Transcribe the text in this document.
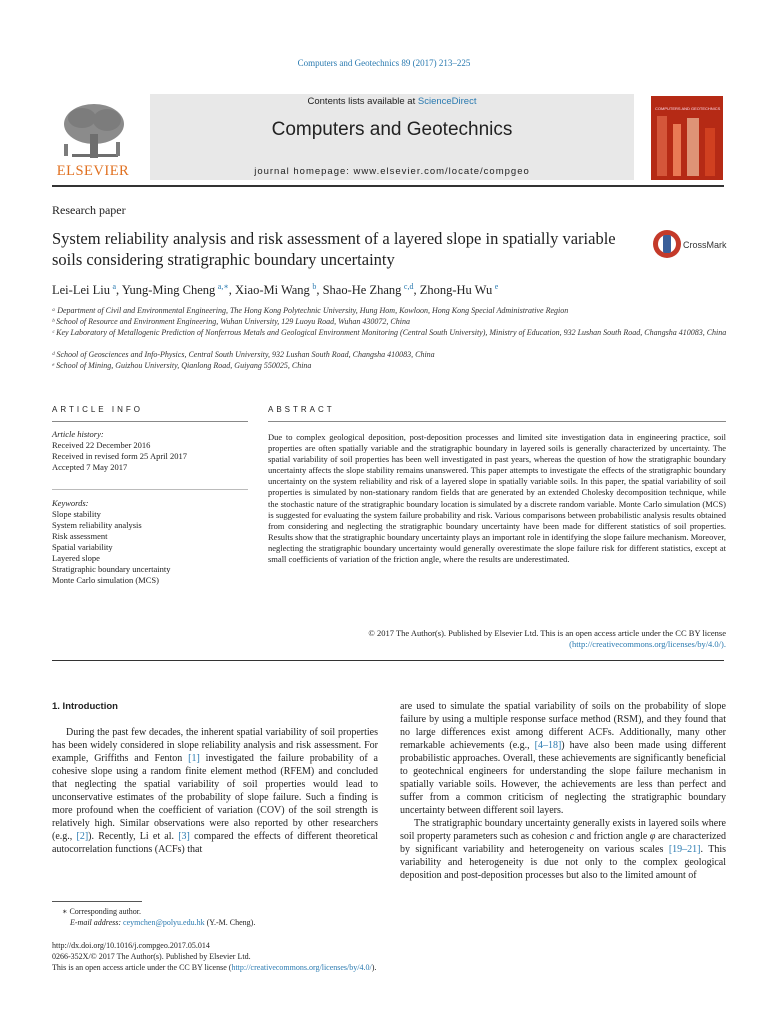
Computers and Geotechnics 89 (2017) 213–225
ELSEVIER
Contents lists available at ScienceDirect
Computers and Geotechnics
journal homepage: www.elsevier.com/locate/compgeo
COMPUTERS AND GEOTECHNICS
Research paper
System reliability analysis and risk assessment of a layered slope in spatially variable soils considering stratigraphic boundary uncertainty
CrossMark
Lei-Lei Liu  $^a$, Yung-Ming Cheng  $^{a,∗}$, Xiao-Mi Wang  $^b$, Shao-He Zhang  $^{c,d}$, Zhong-Hu Wu  $^e$
ᵃ Department of Civil and Environmental Engineering, The Hong Kong Polytechnic University, Hung Hom, Kowloon, Hong Kong Special Administrative Region
ᵇ School of Resource and Environment Engineering, Wuhan University, 129 Luoyu Road, Wuhan 430072, China
ᶜ Key Laboratory of Metallogenic Prediction of Nonferrous Metals and Geological Environment Monitoring (Central South University), Ministry of Education, 932 Lushan South Road, Changsha 410083, China
ᵈ School of Geosciences and Info-Physics, Central South University, 932 Lushan South Road, Changsha 410083, China
ᵉ School of Mining, Guizhou University, Qianlong Road, Guiyang 550025, China
ARTICLE INFO	ABSTRACT
Article history:
Received 22 December 2016
Received in revised form 25 April 2017
Accepted 7 May 2017
Keywords:
Slope stability
System reliability analysis
Risk assessment
Spatial variability
Layered slope
Stratigraphic boundary uncertainty
Monte Carlo simulation (MCS)
Due to complex geological deposition, post-deposition processes and limited site investigation data in engineering practice, soil properties are often spatially variable and the stratigraphic boundary in layered soils is generally characterized by uncertainty. The spatial variability of soil properties has been well investigated in past years, whereas the question of how the stratigraphic boundary uncertainty affects the slope stability remains unanswered. This paper attempts to investigate the effects of the stratigraphic boundary uncertainty on the system reliability and risk of a layered slope in spatially variable soils. In this paper, the spatial variability of soil properties is simulated by non-stationary random fields that are generated by an extended Cholesky decomposition technique, while the stochastic nature of the stratigraphic boundary location is simulated by a discrete random variable. Monte Carlo simulation (MCS) is suggested for evaluating the system failure probability and risk. Various comparisons between probabilistic analysis results obtained from considering and neglecting the stratigraphic boundary uncertainty have been made for different statistics of soil properties. Results show that the stratigraphic boundary uncertainty plays an important role in identifying the slope failure mechanism. Moreover, neglecting the stratigraphic boundary uncertainty would generally overestimate the slope failure risk for different statistics, except at small coefficients of variation of the friction angle, where the results are underestimated.
© 2017 The Author(s). Published by Elsevier Ltd. This is an open access article under the CC BY license
(http://creativecommons.org/licenses/by/4.0/).
1. Introduction
During the past few decades, the inherent spatial variability of soil properties has been widely considered in slope reliability analysis and risk assessment. For example, Griffiths and Fenton [1] investigated the failure probability of a cohesive slope using a random finite element method (RFEM) and concluded that neglecting the spatial variability of soil properties would lead to unconservative estimates of the probability of slope failure. Such a finding is more profound when the coefficient of variation (COV) of the soil strength is relatively high. Similar observations were also reported by other researchers (e.g., [2]). Recently, Li et al. [3] compared the effects of different theoretical autocorrelation functions (ACFs) that
are used to simulate the spatial variability of soils on the probability of slope failure by using a multiple response surface method (RSM), and they found that no large differences exist among different ACFs. Additionally, many other remarkable achievements (e.g., [4–18]) have also been made using different probabilistic approaches. Overall, these achievements are significantly beneficial to geotechnical engineers for understanding the slope failure mechanism in spatially variable soils. However, the achievements are less than perfect and suffer from a common criticism of neglecting the stratigraphic boundary uncertainty between different soil layers.
The stratigraphic boundary uncertainty generally exists in layered soils where soil property parameters such as cohesion c and friction angle φ are characterized by significant variability and heterogeneity on various scales [19–21]. This variability and heterogeneity is due not only to the complex geological deposition and post-deposition processes but also to the limited amount of
∗ Corresponding author.
E-mail address: ceymchen@polyu.edu.hk (Y.-M. Cheng).
http://dx.doi.org/10.1016/j.compgeo.2017.05.014
0266-352X/© 2017 The Author(s). Published by Elsevier Ltd.
This is an open access article under the CC BY license (http://creativecommons.org/licenses/by/4.0/).
